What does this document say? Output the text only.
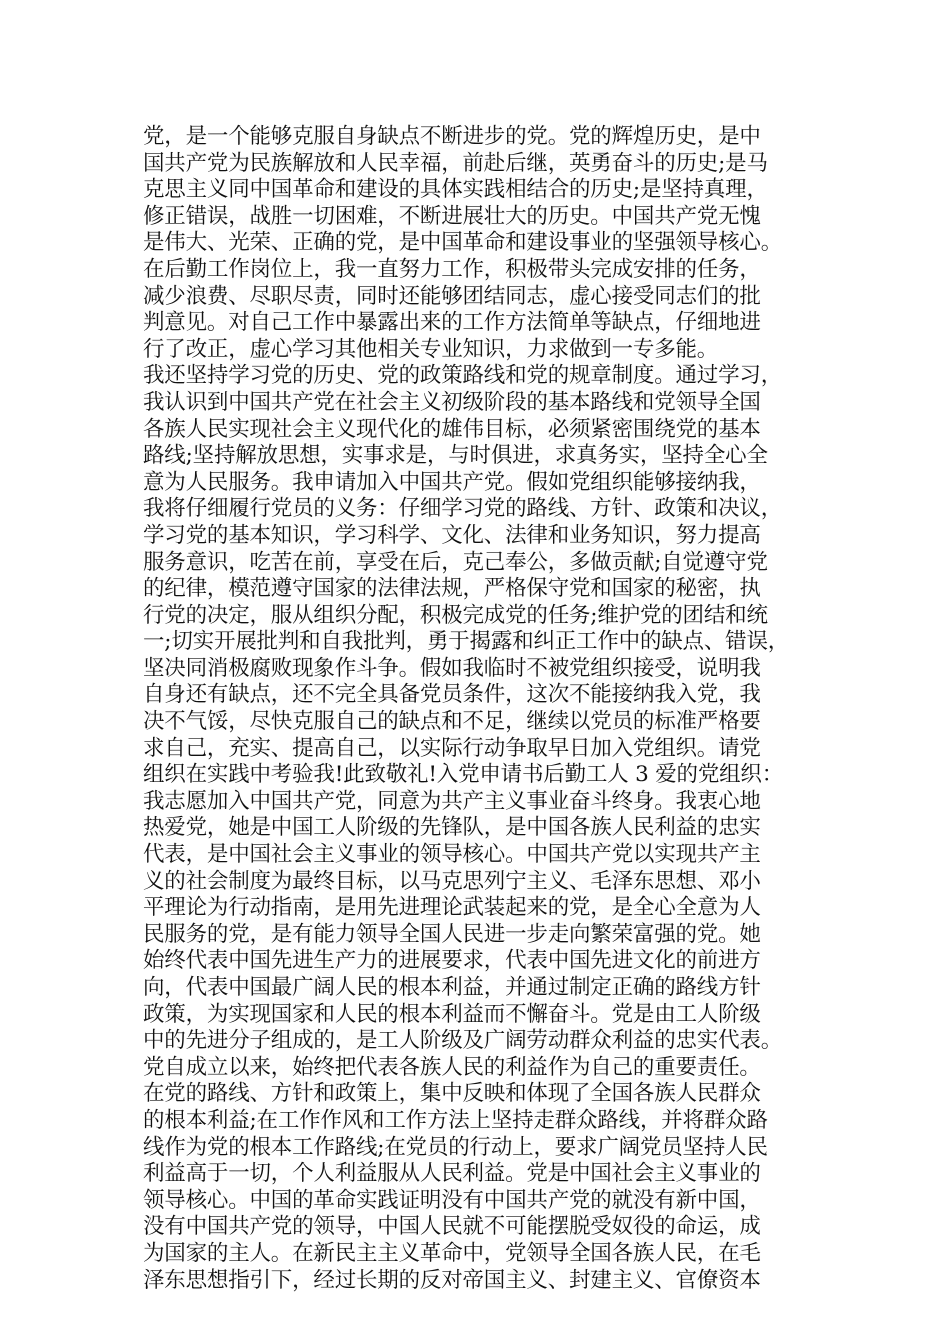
党，是一个能够克服自身缺点不断进步的党。党的辉煌历史，是中
国共产党为民族解放和人民幸福，前赴后继，英勇奋斗的历史;是马
克思主义同中国革命和建设的具体实践相结合的历史;是坚持真理，
修正错误，战胜一切困难，不断进展壮大的历史。中国共产党无愧
是伟大、光荣、正确的党，是中国革命和建设事业的坚强领导核心。
在后勤工作岗位上，我一直努力工作，积极带头完成安排的任务，
减少浪费、尽职尽责，同时还能够团结同志，虚心接受同志们的批
判意见。对自己工作中暴露出来的工作方法简单等缺点，仔细地进
行了改正，虚心学习其他相关专业知识，力求做到一专多能。
我还坚持学习党的历史、党的政策路线和党的规章制度。通过学习，
我认识到中国共产党在社会主义初级阶段的基本路线和党领导全国
各族人民实现社会主义现代化的雄伟目标，必须紧密围绕党的基本
路线;坚持解放思想，实事求是，与时俱进，求真务实，坚持全心全
意为人民服务。我申请加入中国共产党。假如党组织能够接纳我，
我将仔细履行党员的义务：仔细学习党的路线、方针、政策和决议，
学习党的基本知识，学习科学、文化、法律和业务知识，努力提高
服务意识，吃苦在前，享受在后，克己奉公，多做贡献;自觉遵守党
的纪律，模范遵守国家的法律法规，严格保守党和国家的秘密，执
行党的决定，服从组织分配，积极完成党的任务;维护党的团结和统
一;切实开展批判和自我批判，勇于揭露和纠正工作中的缺点、错误，
坚决同消极腐败现象作斗争。假如我临时不被党组织接受，说明我
自身还有缺点，还不完全具备党员条件，这次不能接纳我入党，我
决不气馁，尽快克服自己的缺点和不足，继续以党员的标准严格要
求自己，充实、提高自己，以实际行动争取早日加入党组织。请党
组织在实践中考验我!此致敬礼!入党申请书后勤工人 3 爱的党组织：
我志愿加入中国共产党，同意为共产主义事业奋斗终身。我衷心地
热爱党，她是中国工人阶级的先锋队，是中国各族人民利益的忠实
代表，是中国社会主义事业的领导核心。中国共产党以实现共产主
义的社会制度为最终目标，以马克思列宁主义、毛泽东思想、邓小
平理论为行动指南，是用先进理论武装起来的党，是全心全意为人
民服务的党，是有能力领导全国人民进一步走向繁荣富强的党。她
始终代表中国先进生产力的进展要求，代表中国先进文化的前进方
向，代表中国最广阔人民的根本利益，并通过制定正确的路线方针
政策，为实现国家和人民的根本利益而不懈奋斗。党是由工人阶级
中的先进分子组成的，是工人阶级及广阔劳动群众利益的忠实代表。
党自成立以来，始终把代表各族人民的利益作为自己的重要责任。
在党的路线、方针和政策上，集中反映和体现了全国各族人民群众
的根本利益;在工作作风和工作方法上坚持走群众路线，并将群众路
线作为党的根本工作路线;在党员的行动上，要求广阔党员坚持人民
利益高于一切，个人利益服从人民利益。党是中国社会主义事业的
领导核心。中国的革命实践证明没有中国共产党的就没有新中国，
没有中国共产党的领导，中国人民就不可能摆脱受奴役的命运，成
为国家的主人。在新民主主义革命中，党领导全国各族人民，在毛
泽东思想指引下，经过长期的反对帝国主义、封建主义、官僚资本
